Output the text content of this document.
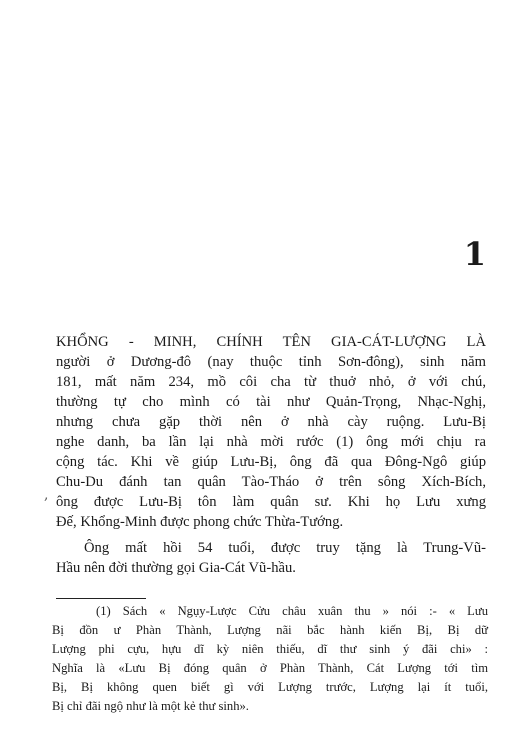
1
,
KHỔNG - MINH, CHÍNH TÊN GIA-CÁT-LƯỢNG LÀ
người ở Dương-đô (nay thuộc tỉnh Sơn-đông), sinh năm
181, mất năm 234, mồ côi cha từ thuở nhỏ, ở với chú,
thường tự cho mình có tài như Quản-Trọng, Nhạc-Nghị,
nhưng chưa gặp thời nên ở nhà cày ruộng. Lưu-Bị
nghe danh, ba lần lại nhà mời rước (1) ông mới chịu ra
cộng tác. Khi về giúp Lưu-Bị, ông đã qua Đông-Ngô giúp
Chu-Du đánh tan quân Tào-Tháo ở trên sông Xích-Bích,
ông được Lưu-Bị tôn làm quân sư. Khi họ Lưu xưng
Đế, Khổng-Minh được phong chức Thừa-Tướng.
Ông mất hồi 54 tuổi, được truy tặng là Trung-Vũ-
Hầu nên đời thường gọi Gia-Cát Vũ-hầu.
(1) Sách « Ngụy-Lược Cửu châu xuân thu » nói :- « Lưu
Bị đồn ư Phàn Thành, Lượng nãi bắc hành kiến Bị, Bị dữ
Lượng phi cựu, hựu dĩ kỳ niên thiếu, dĩ thư sinh ý đãi chi» :
Nghĩa là «Lưu Bị đóng quân ở Phàn Thành, Cát Lượng tới tìm
Bị, Bị không quen biết gì với Lượng trước, Lượng lại ít tuổi,
Bị chỉ đãi ngộ như là một kẻ thư sinh».
